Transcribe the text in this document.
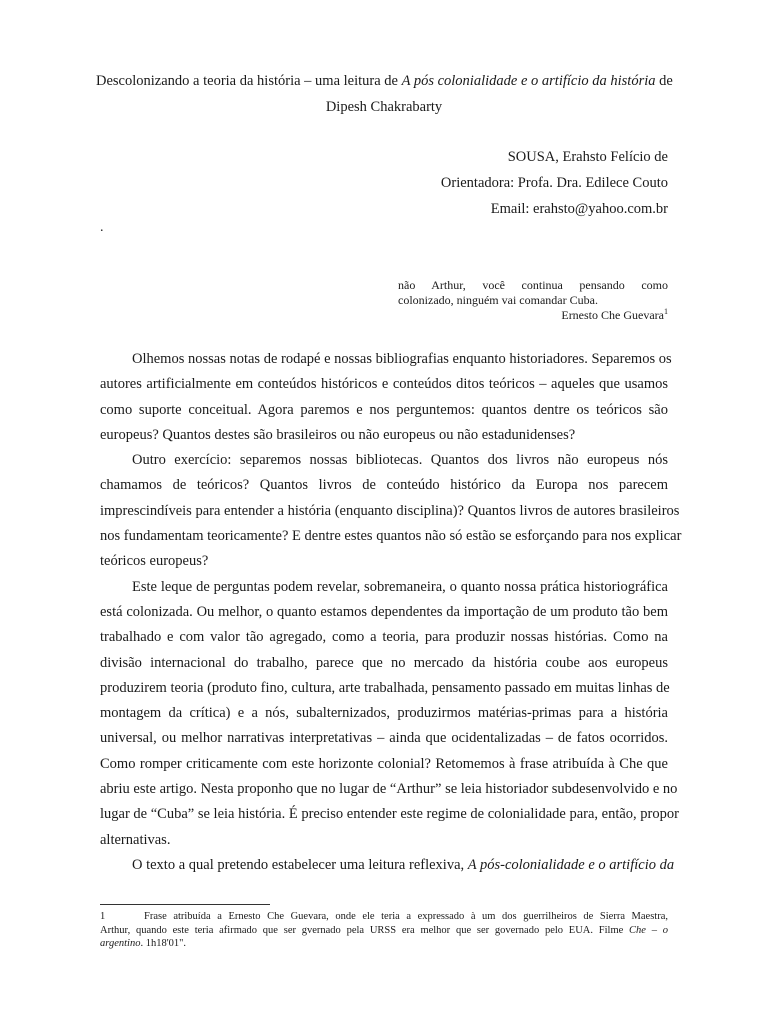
Descolonizando a teoria da história – uma leitura de A pós colonialidade e o artifício da história de
Dipesh Chakrabarty
SOUSA, Erahsto Felício de
Orientadora: Profa. Dra. Edilece Couto
Email: erahsto@yahoo.com.br
.
não Arthur, você continua pensando como
colonizado, ninguém vai comandar Cuba.
Ernesto Che Guevara$^1$
Olhemos nossas notas de rodapé e nossas bibliografias enquanto historiadores. Separemos os
autores artificialmente em conteúdos históricos e conteúdos ditos teóricos – aqueles que usamos
como suporte conceitual. Agora paremos e nos perguntemos: quantos dentre os teóricos são
europeus? Quantos destes são brasileiros ou não europeus ou não estadunidenses?
Outro exercício: separemos nossas bibliotecas. Quantos dos livros não europeus nós
chamamos de teóricos? Quantos livros de conteúdo histórico da Europa nos parecem
imprescindíveis para entender a história (enquanto disciplina)? Quantos livros de autores brasileiros
nos fundamentam teoricamente? E dentre estes quantos não só estão se esforçando para nos explicar
teóricos europeus?
Este leque de perguntas podem revelar, sobremaneira, o quanto nossa prática historiográfica
está colonizada. Ou melhor, o quanto estamos dependentes da importação de um produto tão bem
trabalhado e com valor tão agregado, como a teoria, para produzir nossas histórias. Como na
divisão internacional do trabalho, parece que no mercado da história coube aos europeus
produzirem teoria (produto fino, cultura, arte trabalhada, pensamento passado em muitas linhas de
montagem da crítica) e a nós, subalternizados, produzirmos matérias-primas para a história
universal, ou melhor narrativas interpretativas – ainda que ocidentalizadas – de fatos ocorridos.
Como romper criticamente com este horizonte colonial? Retomemos à frase atribuída à Che que
abriu este artigo. Nesta proponho que no lugar de “Arthur” se leia historiador subdesenvolvido e no
lugar de “Cuba” se leia história. É preciso entender este regime de colonialidade para, então, propor
alternativas.
O texto a qual pretendo estabelecer uma leitura reflexiva, A pós-colonialidade e o artifício da
1	Frase atribuída a Ernesto Che Guevara, onde ele teria a expressado à um dos guerrilheiros de Sierra Maestra,
Arthur, quando este teria afirmado que ser gvernado pela URSS era melhor que ser governado pelo EUA. Filme Che – o
argentino. 1h18'01".
